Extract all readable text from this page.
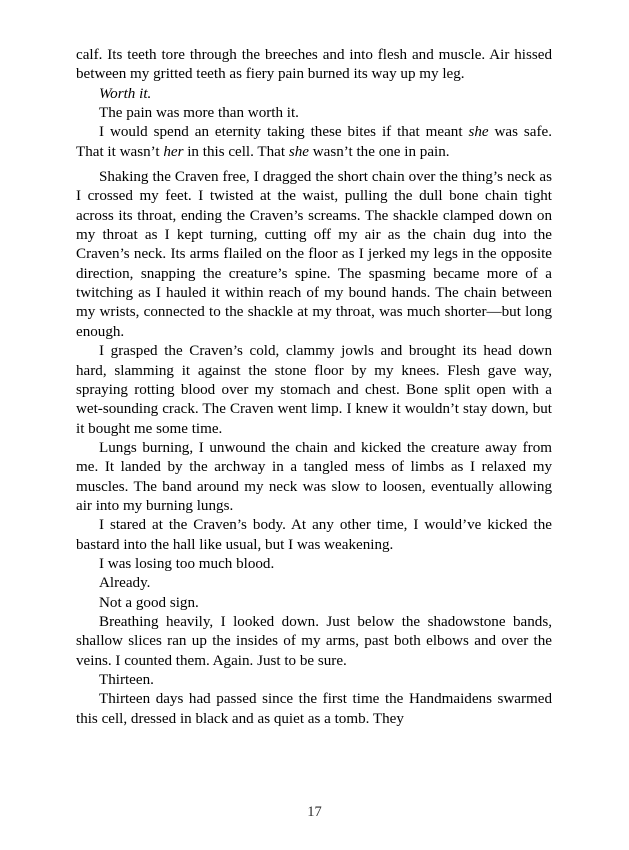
calf. Its teeth tore through the breeches and into flesh and muscle. Air hissed between my gritted teeth as fiery pain burned its way up my leg.

Worth it.

The pain was more than worth it.

I would spend an eternity taking these bites if that meant she was safe. That it wasn’t her in this cell. That she wasn’t the one in pain.

Shaking the Craven free, I dragged the short chain over the thing’s neck as I crossed my feet. I twisted at the waist, pulling the dull bone chain tight across its throat, ending the Craven’s screams. The shackle clamped down on my throat as I kept turning, cutting off my air as the chain dug into the Craven’s neck. Its arms flailed on the floor as I jerked my legs in the opposite direction, snapping the creature’s spine. The spasming became more of a twitching as I hauled it within reach of my bound hands. The chain between my wrists, connected to the shackle at my throat, was much shorter—but long enough.

I grasped the Craven’s cold, clammy jowls and brought its head down hard, slamming it against the stone floor by my knees. Flesh gave way, spraying rotting blood over my stomach and chest. Bone split open with a wet-sounding crack. The Craven went limp. I knew it wouldn’t stay down, but it bought me some time.

Lungs burning, I unwound the chain and kicked the creature away from me. It landed by the archway in a tangled mess of limbs as I relaxed my muscles. The band around my neck was slow to loosen, eventually allowing air into my burning lungs.

I stared at the Craven’s body. At any other time, I would’ve kicked the bastard into the hall like usual, but I was weakening.

I was losing too much blood.

Already.

Not a good sign.

Breathing heavily, I looked down. Just below the shadowstone bands, shallow slices ran up the insides of my arms, past both elbows and over the veins. I counted them. Again. Just to be sure.

Thirteen.

Thirteen days had passed since the first time the Handmaidens swarmed this cell, dressed in black and as quiet as a tomb. They

17
